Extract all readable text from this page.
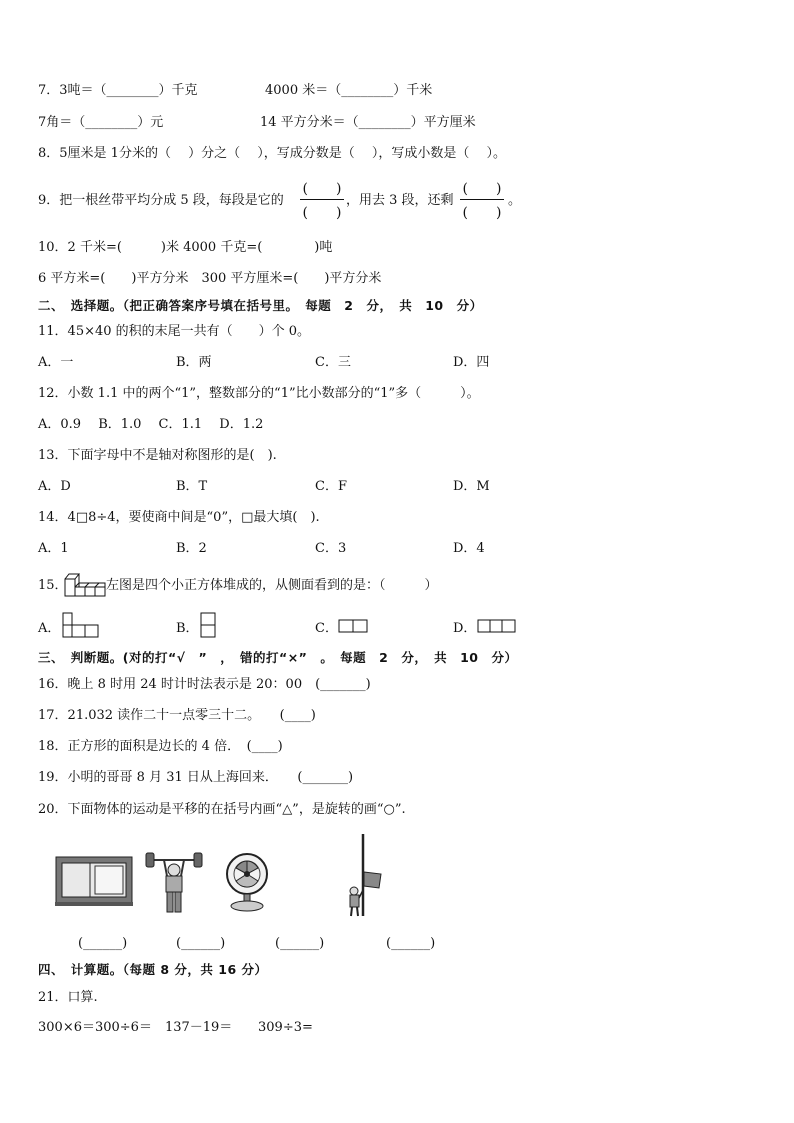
7．3吨＝（________）千克	4000 米＝（________）千米
7角＝（________）元	14 平方分米＝（________）平方厘米
8．5厘米是 1分米的（　 ）分之（　 ），写成分数是（　 ），写成小数是（　 ）。
9．把一根丝带平均分成 5 段，每段是它的
(　　)
(　　)
，用去 3 段，还剩
(　　)
(　　)
。
10．2 千米=(　　　)米 4000 千克=(　　　　)吨
6 平方米=(　　)平方分米　300 平方厘米=(　　)平方分米
二、　选择题。（把正确答案序号填在括号里。　每题　2　分，　共　10　分）
11．45×40 的积的末尾一共有（　　）个 0。
A．一	B．两	C．三	D．四
12．小数 1.1 中的两个“1”，整数部分的“1”比小数部分的“1”多（　　　）。
A．0.9　 B．1.0　 C．1.1　 D．1.2
13．下面字母中不是轴对称图形的是(　).
A．D	B．T	C．F	D．M
14．4□8÷4，要使商中间是“0”，□最大填(　).
A．1	B．2	C．3	D．4
15．	左图是四个小正方体堆成的，从侧面看到的是：（　　　）
A．	B．	C．	D．
三、　判断题。(对的打“√　”　，　错的打“×”　。　每题　2　分，　共　10　分）
16．晚上 8 时用 24 时计时法表示是 20：00　(_______)
17．21.032 读作二十一点零三十二。　　(____)
18．正方形的面积是边长的 4 倍．　(____)
19．小明的哥哥 8 月 31 日从上海回来．　　(_______)
20．下面物体的运动是平移的在括号内画“△”，是旋转的画“○”.
(______)	(______)	(______)	(______)
四、　计算题。（每题 8 分，共 16 分）
21．口算.
300×6＝300÷6＝　137－19＝ 309÷3=
